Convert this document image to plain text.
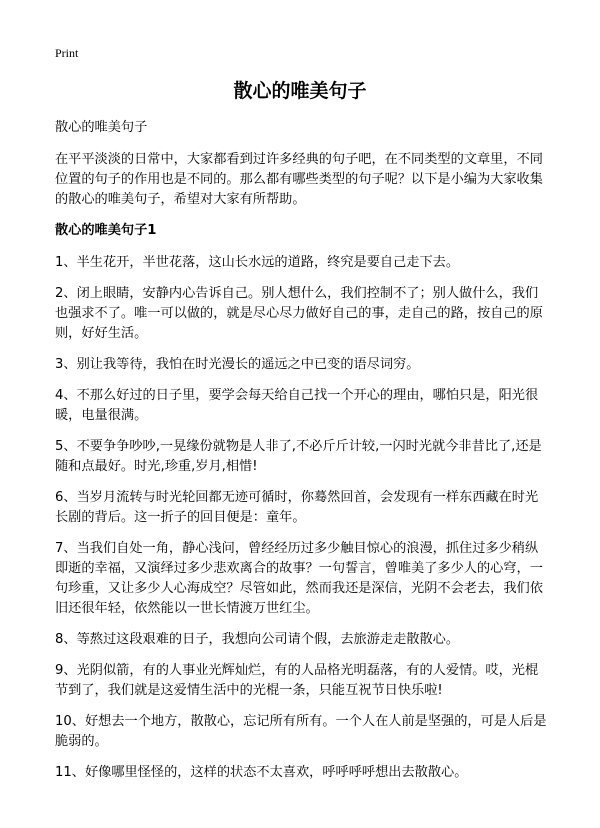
Print
散心的唯美句子

散心的唯美句子

在平平淡淡的日常中，大家都看到过许多经典的句子吧，在不同类型的文章里，不同位置的句子的作用也是不同的。那么都有哪些类型的句子呢？以下是小编为大家收集的散心的唯美句子，希望对大家有所帮助。

散心的唯美句子1

1、半生花开，半世花落，这山长水远的道路，终究是要自己走下去。

2、闭上眼睛，安静内心告诉自己。别人想什么，我们控制不了；别人做什么，我们也强求不了。唯一可以做的，就是尽心尽力做好自己的事，走自己的路，按自己的原则，好好生活。

3、别让我等待，我怕在时光漫长的遥远之中已变的语尽词穷。

4、不那么好过的日子里，要学会每天给自己找一个开心的理由，哪怕只是，阳光很暖，电量很满。

5、不要争争吵吵,一晃缘份就物是人非了,不必斤斤计较,一闪时光就今非昔比了,还是随和点最好。时光,珍重,岁月,相惜!

6、当岁月流转与时光轮回都无迹可循时，你蓦然回首，会发现有一样东西藏在时光长剧的背后。这一折子的回目便是：童年。

7、当我们自处一角，静心浅问，曾经经历过多少触目惊心的浪漫，抓住过多少稍纵即逝的幸福，又演绎过多少悲欢离合的故事？一句誓言，曾唯美了多少人的心穹，一句珍重，又让多少人心海成空？尽管如此，然而我还是深信，光阴不会老去，我们依旧还很年轻，依然能以一世长情渡万世红尘。

8、等熬过这段艰难的日子，我想向公司请个假，去旅游走走散散心。

9、光阴似箭，有的人事业光辉灿烂，有的人品格光明磊落，有的人爱情。哎，光棍节到了，我们就是这爱情生活中的光棍一条，只能互祝节日快乐啦!

10、好想去一个地方，散散心，忘记所有所有。一个人在人前是坚强的，可是人后是脆弱的。

11、好像哪里怪怪的，这样的状态不太喜欢，呼呼呼呼想出去散散心。
